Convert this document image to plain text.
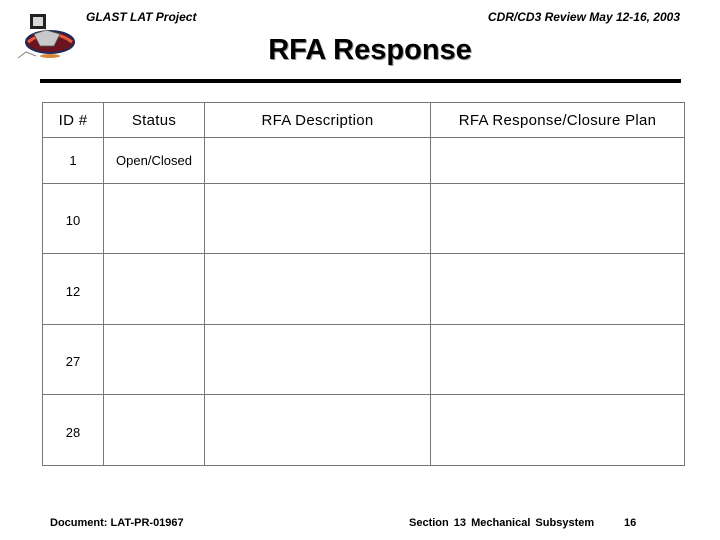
GLAST LAT Project	CDR/CD3 Review May 12-16, 2003
RFA Response
ID #	Status	RFA Description	RFA Response/Closure Plan
1	Open/Closed		
10			
12			
27			
28			
Document: LAT-PR-01967	Section 13 Mechanical Subsystem	16
